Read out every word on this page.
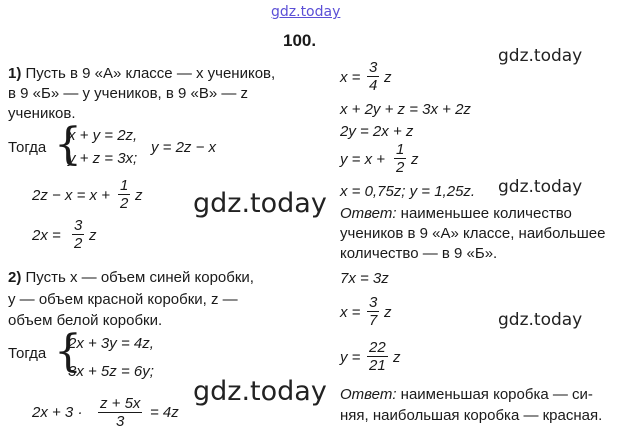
gdz.today
gdz.today
gdz.today
gdz.today
gdz.today
gdz.today
100.
1) Пусть в 9 «А» классе — x учеников,
в 9 «Б» — y учеников, в 9 «В» — z
учеников.
Тогда {
x + y = 2z,
y + z = 3x;
y = 2z − x
$2z - x = x + \frac{1}{2}$ z
$2x = \frac{3}{2}$ z
2) Пусть x — объем синей коробки,
y — объем красной коробки, z —
объем белой коробки.
Тогда {
2x + 3y = 4z,
3x + 5z = 6y;
$2x + 3 \cdot \frac{z + 5x}{3} = 4z$
$x = \frac{3}{4}$ z
x + 2y + z = 3x + 2z
2y = 2x + z
$y = x + \frac{1}{2}$ z
x = 0,75z; y = 1,25z.
Ответ: наименьшее количество
учеников в 9 «А» классе, наибольшее
количество — в 9 «Б».
7x = 3z
$x = \frac{3}{7}$ z
$y = \frac{22}{21}$ z
Ответ: наименьшая коробка — си-
няя, наибольшая коробка — красная.
